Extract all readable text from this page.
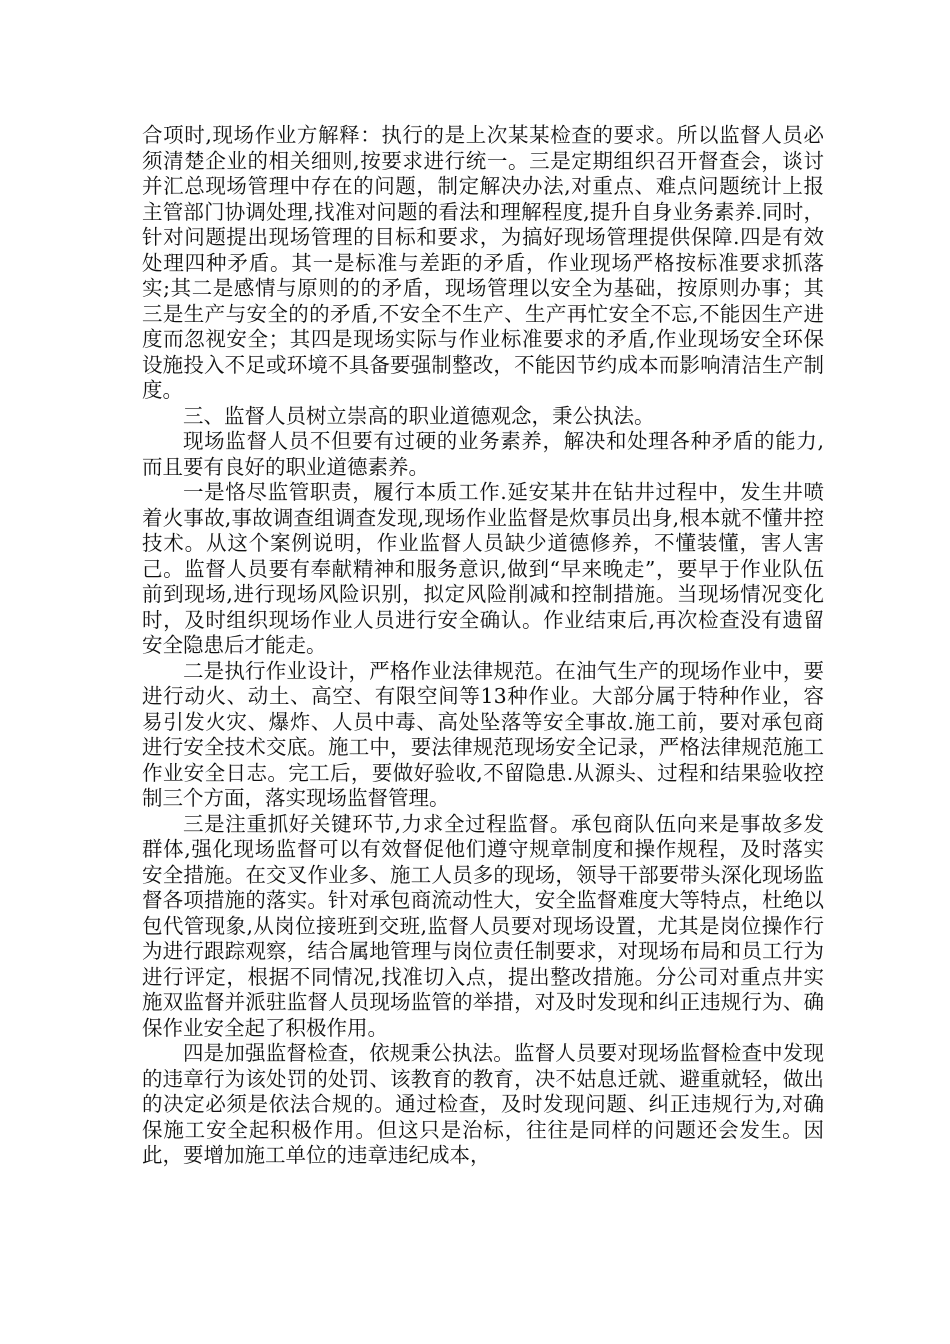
合项时,现场作业方解释：执行的是上次某某检查的要求。所以监督人员必须清楚企业的相关细则,按要求进行统一。三是定期组织召开督查会，谈讨并汇总现场管理中存在的问题，制定解决办法,对重点、难点问题统计上报主管部门协调处理,找准对问题的看法和理解程度,提升自身业务素养.同时，针对问题提出现场管理的目标和要求，为搞好现场管理提供保障.四是有效处理四种矛盾。其一是标准与差距的矛盾，作业现场严格按标准要求抓落实;其二是感情与原则的的矛盾，现场管理以安全为基础，按原则办事；其三是生产与安全的的矛盾,不安全不生产、生产再忙安全不忘,不能因生产进度而忽视安全；其四是现场实际与作业标准要求的矛盾,作业现场安全环保设施投入不足或环境不具备要强制整改，不能因节约成本而影响清洁生产制度。

三、监督人员树立崇高的职业道德观念，秉公执法。

现场监督人员不但要有过硬的业务素养，解决和处理各种矛盾的能力,而且要有良好的职业道德素养。

一是恪尽监管职责，履行本质工作.延安某井在钻井过程中，发生井喷着火事故,事故调查组调查发现,现场作业监督是炊事员出身,根本就不懂井控技术。从这个案例说明，作业监督人员缺少道德修养，不懂装懂，害人害己。监督人员要有奉献精神和服务意识,做到“早来晚走”，要早于作业队伍前到现场,进行现场风险识别，拟定风险削减和控制措施。当现场情况变化时，及时组织现场作业人员进行安全确认。作业结束后,再次检查没有遗留安全隐患后才能走。

二是执行作业设计，严格作业法律规范。在油气生产的现场作业中，要进行动火、动土、高空、有限空间等13种作业。大部分属于特种作业，容易引发火灾、爆炸、人员中毒、高处坠落等安全事故.施工前，要对承包商进行安全技术交底。施工中，要法律规范现场安全记录，严格法律规范施工作业安全日志。完工后，要做好验收,不留隐患.从源头、过程和结果验收控制三个方面，落实现场监督管理。

三是注重抓好关键环节,力求全过程监督。承包商队伍向来是事故多发群体,强化现场监督可以有效督促他们遵守规章制度和操作规程，及时落实安全措施。在交叉作业多、施工人员多的现场，领导干部要带头深化现场监督各项措施的落实。针对承包商流动性大，安全监督难度大等特点，杜绝以包代管现象,从岗位接班到交班,监督人员要对现场设置，尤其是岗位操作行为进行跟踪观察，结合属地管理与岗位责任制要求，对现场布局和员工行为进行评定，根据不同情况,找准切入点，提出整改措施。分公司对重点井实施双监督并派驻监督人员现场监管的举措，对及时发现和纠正违规行为、确保作业安全起了积极作用。

四是加强监督检查，依规秉公执法。监督人员要对现场监督检查中发现的违章行为该处罚的处罚、该教育的教育，决不姑息迁就、避重就轻，做出的决定必须是依法合规的。通过检查，及时发现问题、纠正违规行为,对确保施工安全起积极作用。但这只是治标，往往是同样的问题还会发生。因此，要增加施工单位的违章违纪成本，
